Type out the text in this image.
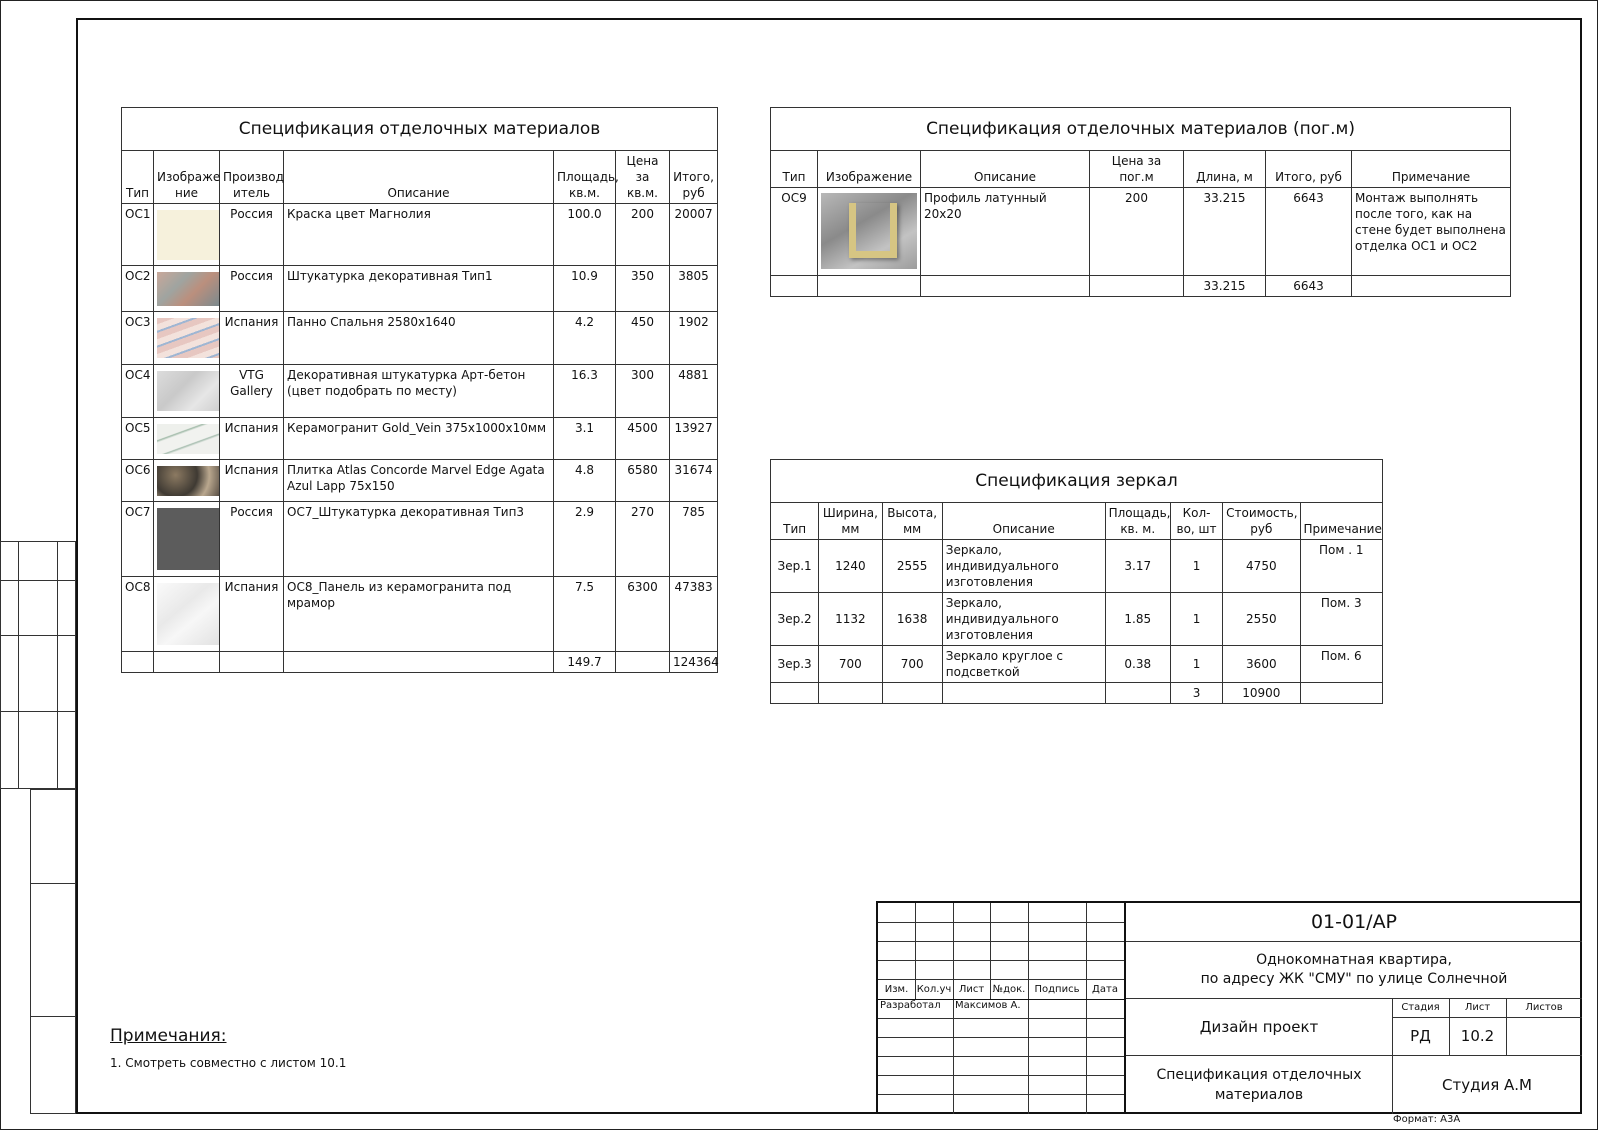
Спецификация отделочных материалов						
Тип	Изображе ние	Производ итель	Описание	Площадь, кв.м.	Цена за кв.м.	Итого, руб
ОС1		Россия	Краска цвет Магнолия	100.0	200	20007
ОС2		Россия	Штукатурка декоративная Тип1	10.9	350	3805
ОС3		Испания	Панно Спальня 2580х1640	4.2	450	1902
ОС4		VTG Gallery	Декоративная штукатурка Арт-бетон (цвет подобрать по месту)	16.3	300	4881
ОС5		Испания	Керамогранит Gold_Vein 375х1000х10мм	3.1	4500	13927
ОС6		Испания	Плитка Atlas Concorde Marvel Edge Agata Azul Lapp 75х150	4.8	6580	31674
ОС7		Россия	ОС7_Штукатурка декоративная Тип3	2.9	270	785
ОС8		Испания	ОС8_Панель из керамогранита под мрамор	7.5	6300	47383
				149.7		124364
Спецификация отделочных материалов (пог.м)						
Тип	Изображение	Описание	Цена за пог.м	Длина, м	Итого, руб	Примечание
ОС9		Профиль латунный 20х20	200	33.215	6643	Монтаж выполнять после того, как на стене будет выполнена отделка ОС1 и ОС2
				33.215	6643	
Спецификация зеркал							
Тип	Ширина, мм	Высота, мм	Описание	Площадь, кв. м.	Кол-во, шт	Стоимость, руб	Примечание
Зер.1	1240	2555	Зеркало, индивидуального изготовления	3.17	1	4750	Пом . 1
Зер.2	1132	1638	Зеркало, индивидуального изготовления	1.85	1	2550	Пом. 3
Зер.3	700	700	Зеркало круглое с подсветкой	0.38	1	3600	Пом. 6
					3	10900	
Примечания:
1. Смотреть совместно с листом 10.1
Изм. Кол.уч Лист №док. Подпись	Дата
Разработал Максимов А.
01-01/АР
Однокомнатная квартира,
по адресу ЖК "СМУ" по улице Солнечной
Дизайн проект
Стадия	Лист	Листов
РД	10.2
Спецификация отделочных
материалов
Студия А.М
Формат: А3А
